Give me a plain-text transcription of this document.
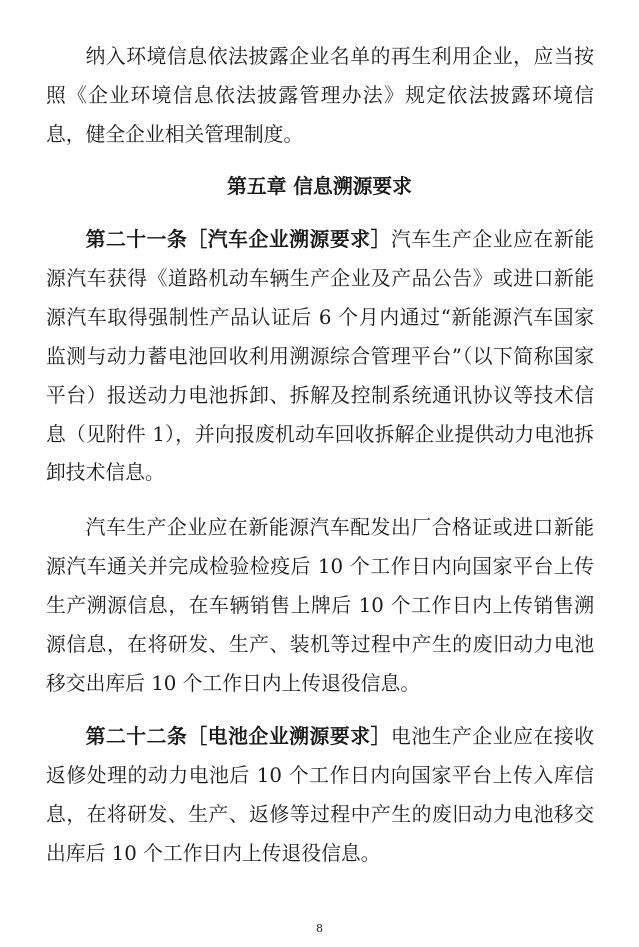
纳入环境信息依法披露企业名单的再生利用企业，应当按照《企业环境信息依法披露管理办法》规定依法披露环境信息，健全企业相关管理制度。

第五章 信息溯源要求

第二十一条［汽车企业溯源要求］汽车生产企业应在新能源汽车获得《道路机动车辆生产企业及产品公告》或进口新能源汽车取得强制性产品认证后 6 个月内通过“新能源汽车国家监测与动力蓄电池回收利用溯源综合管理平台”（以下简称国家平台）报送动力电池拆卸、拆解及控制系统通讯协议等技术信息（见附件 1），并向报废机动车回收拆解企业提供动力电池拆卸技术信息。

汽车生产企业应在新能源汽车配发出厂合格证或进口新能源汽车通关并完成检验检疫后 10 个工作日内向国家平台上传生产溯源信息，在车辆销售上牌后 10 个工作日内上传销售溯源信息，在将研发、生产、装机等过程中产生的废旧动力电池移交出库后 10 个工作日内上传退役信息。

第二十二条［电池企业溯源要求］电池生产企业应在接收返修处理的动力电池后 10 个工作日内向国家平台上传入库信息，在将研发、生产、返修等过程中产生的废旧动力电池移交出库后 10 个工作日内上传退役信息。

8
